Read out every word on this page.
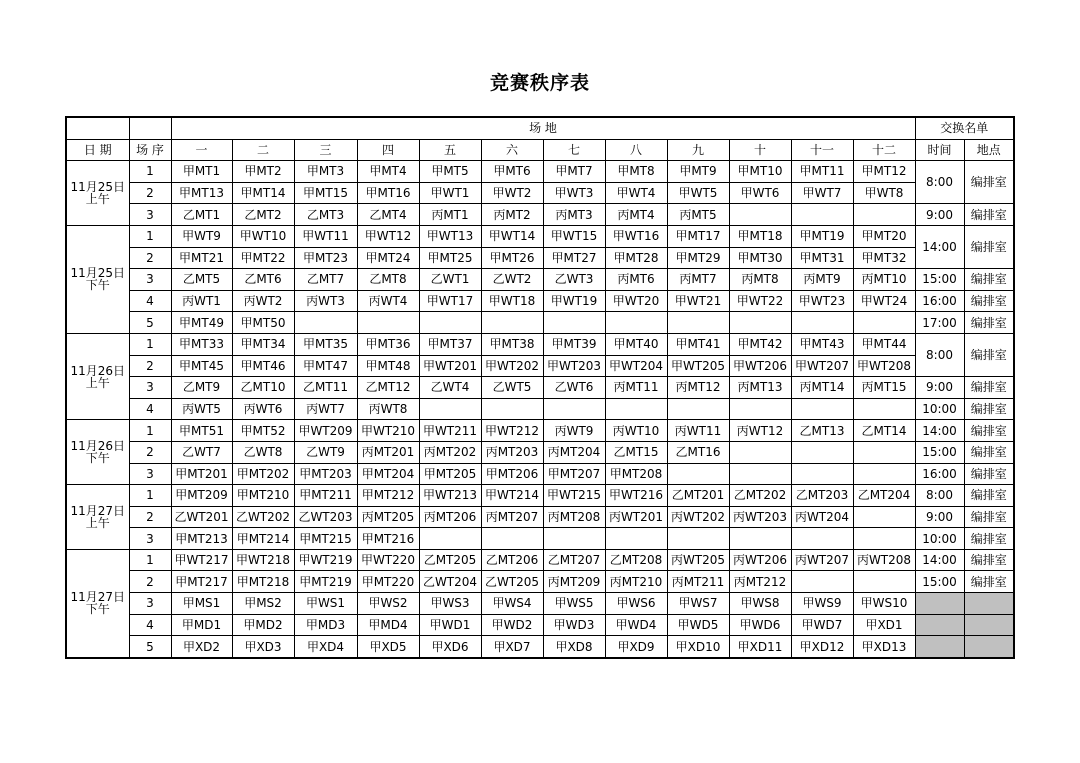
竞赛秩序表
		场 地												交换名单	
日 期	场 序	一	二	三	四	五	六	七	八	九	十	十一	十二	时间	地点

11月25日
上午	1	甲MT1	甲MT2	甲MT3	甲MT4	甲MT5	甲MT6	甲MT7	甲MT8	甲MT9	甲MT10	甲MT11	甲MT12	8:00	编排室
	2	甲MT13	甲MT14	甲MT15	甲MT16	甲WT1	甲WT2	甲WT3	甲WT4	甲WT5	甲WT6	甲WT7	甲WT8		
	3	乙MT1	乙MT2	乙MT3	乙MT4	丙MT1	丙MT2	丙MT3	丙MT4	丙MT5				9:00	编排室

11月25日
下午	1	甲WT9	甲WT10	甲WT11	甲WT12	甲WT13	甲WT14	甲WT15	甲WT16	甲MT17	甲MT18	甲MT19	甲MT20	14:00	编排室
	2	甲MT21	甲MT22	甲MT23	甲MT24	甲MT25	甲MT26	甲MT27	甲MT28	甲MT29	甲MT30	甲MT31	甲MT32		
	3	乙MT5	乙MT6	乙MT7	乙MT8	乙WT1	乙WT2	乙WT3	丙MT6	丙MT7	丙MT8	丙MT9	丙MT10	15:00	编排室
	4	丙WT1	丙WT2	丙WT3	丙WT4	甲WT17	甲WT18	甲WT19	甲WT20	甲WT21	甲WT22	甲WT23	甲WT24	16:00	编排室
	5	甲MT49	甲MT50											17:00	编排室

11月26日
上午	1	甲MT33	甲MT34	甲MT35	甲MT36	甲MT37	甲MT38	甲MT39	甲MT40	甲MT41	甲MT42	甲MT43	甲MT44	8:00	编排室
	2	甲MT45	甲MT46	甲MT47	甲MT48	甲WT201	甲WT202	甲WT203	甲WT204	甲WT205	甲WT206	甲WT207	甲WT208		
	3	乙MT9	乙MT10	乙MT11	乙MT12	乙WT4	乙WT5	乙WT6	丙MT11	丙MT12	丙MT13	丙MT14	丙MT15	9:00	编排室
	4	丙WT5	丙WT6	丙WT7	丙WT8									10:00	编排室

11月26日
下午	1	甲MT51	甲MT52	甲WT209	甲WT210	甲WT211	甲WT212	丙WT9	丙WT10	丙WT11	丙WT12	乙MT13	乙MT14	14:00	编排室
	2	乙WT7	乙WT8	乙WT9	丙MT201	丙MT202	丙MT203	丙MT204	乙MT15	乙MT16				15:00	编排室
	3	甲MT201	甲MT202	甲MT203	甲MT204	甲MT205	甲MT206	甲MT207	甲MT208					16:00	编排室

11月27日
上午	1	甲MT209	甲MT210	甲MT211	甲MT212	甲WT213	甲WT214	甲WT215	甲WT216	乙MT201	乙MT202	乙MT203	乙MT204	8:00	编排室
	2	乙WT201	乙WT202	乙WT203	丙MT205	丙MT206	丙MT207	丙MT208	丙WT201	丙WT202	丙WT203	丙WT204		9:00	编排室
	3	甲MT213	甲MT214	甲MT215	甲MT216									10:00	编排室

11月27日
下午	1	甲WT217	甲WT218	甲WT219	甲WT220	乙MT205	乙MT206	乙MT207	乙MT208	丙WT205	丙WT206	丙WT207	丙WT208	14:00	编排室
	2	甲MT217	甲MT218	甲MT219	甲MT220	乙WT204	乙WT205	丙MT209	丙MT210	丙MT211	丙MT212			15:00	编排室
	3	甲MS1	甲MS2	甲WS1	甲WS2	甲WS3	甲WS4	甲WS5	甲WS6	甲WS7	甲WS8	甲WS9	甲WS10		
	4	甲MD1	甲MD2	甲MD3	甲MD4	甲WD1	甲WD2	甲WD3	甲WD4	甲WD5	甲WD6	甲WD7	甲XD1		
	5	甲XD2	甲XD3	甲XD4	甲XD5	甲XD6	甲XD7	甲XD8	甲XD9	甲XD10	甲XD11	甲XD12	甲XD13		
